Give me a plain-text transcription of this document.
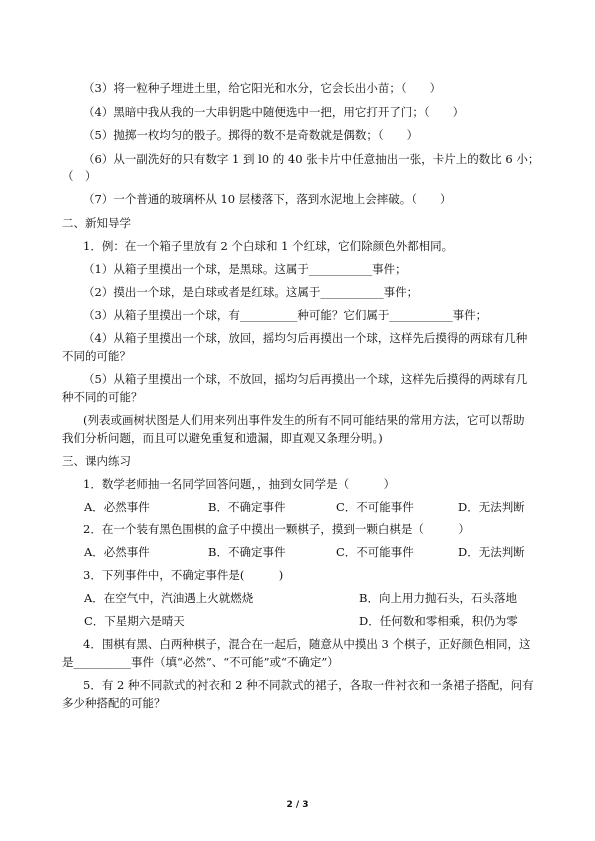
（3）将一粒种子埋进土里，给它阳光和水分，它会长出小苗；（　　）
（4）黑暗中我从我的一大串钥匙中随便选中一把，用它打开了门；（　　）
（5）抛掷一枚均匀的骰子。掷得的数不是奇数就是偶数；（　　）
（6）从一副洗好的只有数字 1 到 l0 的 40 张卡片中任意抽出一张，卡片上的数比 6 小；
（　）
（7）一个普通的玻璃杯从 10 层楼落下，落到水泥地上会摔破。（　　）
二、新知导学
1．例：在一个箱子里放有 2 个白球和 1 个红球，它们除颜色外都相同。
（1）从箱子里摸出一个球，是黑球。这属于___________事件；
（2）摸出一个球，是白球或者是红球。这属于___________事件；
（3）从箱子里摸出一个球，有__________种可能？它们属于___________事件；
（4）从箱子里摸出一个球，放回，摇均匀后再摸出一个球，这样先后摸得的两球有几种
不同的可能？
（5）从箱子里摸出一个球，不放回，摇均匀后再摸出一个球，这样先后摸得的两球有几
种不同的可能？
(列表或画树状图是人们用来列出事件发生的所有不同可能结果的常用方法，它可以帮助
我们分析问题，而且可以避免重复和遗漏，即直观又条理分明。)
三、课内练习
1．数学老师抽一名同学回答问题，，抽到女同学是（　　　）
A．必然事件	B．不确定事件	C．不可能事件	D．无法判断
2．在一个装有黑色围棋的盒子中摸出一颗棋子，摸到一颗白棋是（　　　）
A．必然事件	B．不确定事件	C．不可能事件	D．无法判断
3．下列事件中，不确定事件是(　　　)
A．在空气中，汽油遇上火就燃烧	B．向上用力抛石头，石头落地
C．下星期六是晴天	D．任何数和零相乘，积仍为零
4．围棋有黑、白两种棋子，混合在一起后，随意从中摸出 3 个棋子，正好颜色相同，这
是__________事件（填“必然”、“不可能”或“不确定”）
5．有 2 种不同款式的衬衣和 2 种不同款式的裙子，各取一件衬衣和一条裙子搭配，问有
多少种搭配的可能？
2 / 3
